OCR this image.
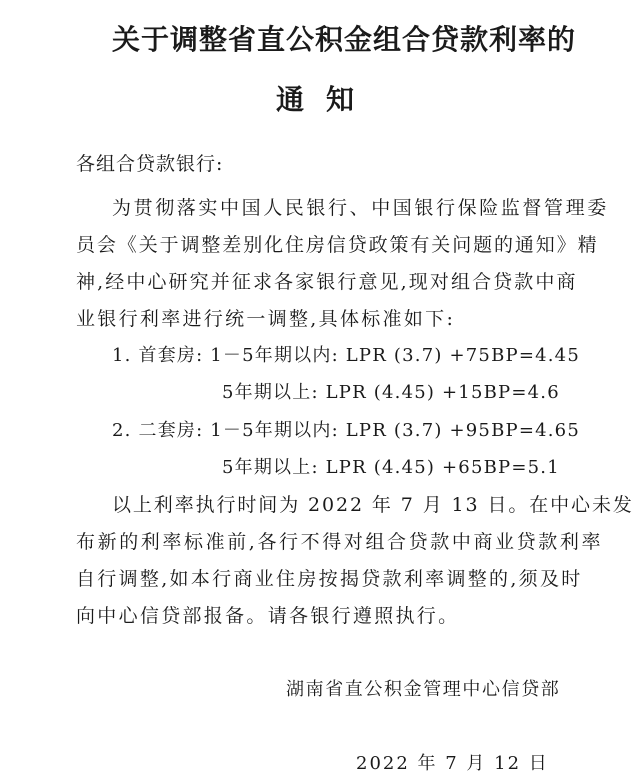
关于调整省直公积金组合贷款利率的
通知
各组合贷款银行:
为贯彻落实中国人民银行、中国银行保险监督管理委
员会《关于调整差别化住房信贷政策有关问题的通知》精
神,经中心研究并征求各家银行意见,现对组合贷款中商
业银行利率进行统一调整,具体标准如下:
1. 首套房: 1－5年期以内: LPR (3.7) +75BP=4.45
5年期以上: LPR (4.45) +15BP=4.6
2. 二套房: 1－5年期以内: LPR (3.7) +95BP=4.65
5年期以上: LPR (4.45) +65BP=5.1
以上利率执行时间为 2022 年 7 月 13 日。在中心未发
布新的利率标准前,各行不得对组合贷款中商业贷款利率
自行调整,如本行商业住房按揭贷款利率调整的,须及时
向中心信贷部报备。请各银行遵照执行。
湖南省直公积金管理中心信贷部
2022 年 7 月 12 日
